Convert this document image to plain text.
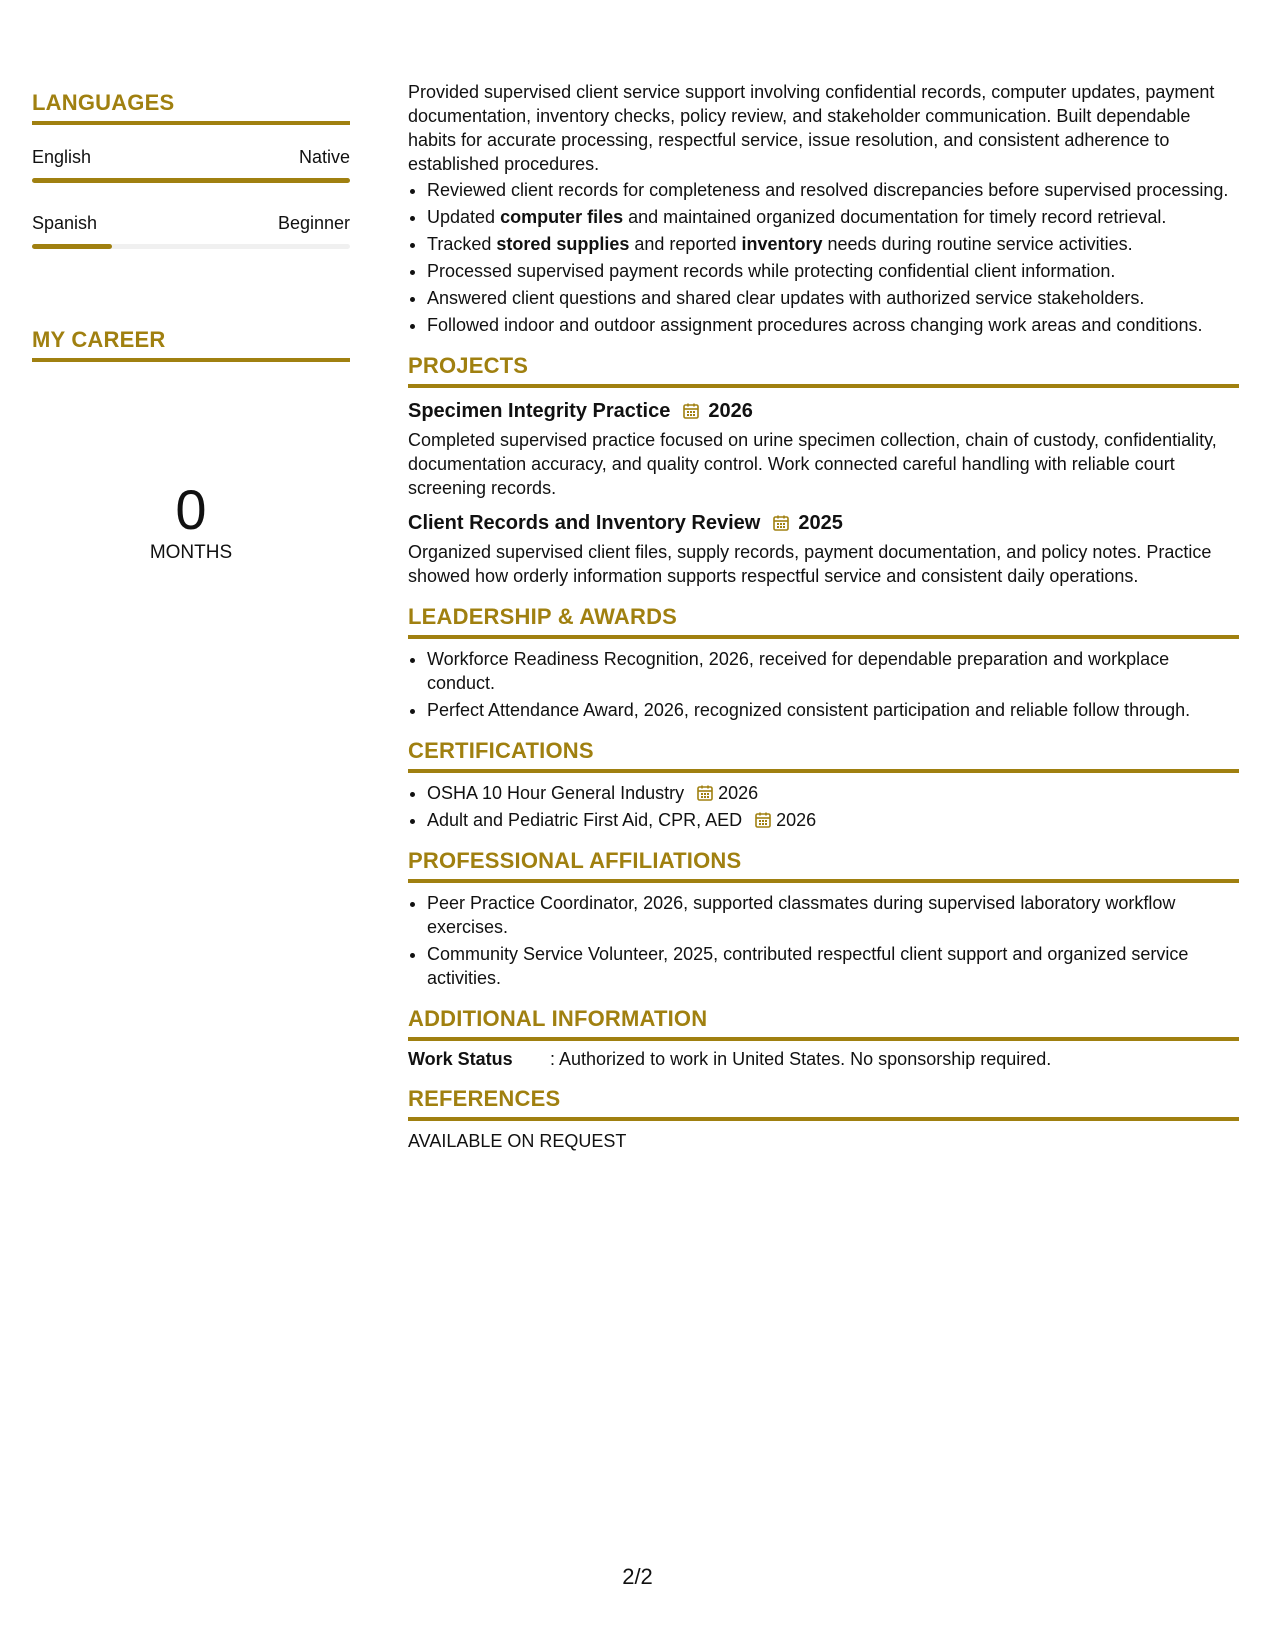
LANGUAGES
English	Native
Spanish	Beginner
MY CAREER
0
MONTHS

Provided supervised client service support involving confidential records, computer updates, payment documentation, inventory checks, policy review, and stakeholder communication. Built dependable habits for accurate processing, respectful service, issue resolution, and consistent adherence to established procedures.

• Reviewed client records for completeness and resolved discrepancies before supervised processing.
• Updated computer files and maintained organized documentation for timely record retrieval.
• Tracked stored supplies and reported inventory needs during routine service activities.
• Processed supervised payment records while protecting confidential client information.
• Answered client questions and shared clear updates with authorized service stakeholders.
• Followed indoor and outdoor assignment procedures across changing work areas and conditions.
PROJECTS
Specimen Integrity Practice 2026

Completed supervised practice focused on urine specimen collection, chain of custody, confidentiality, documentation accuracy, and quality control. Work connected careful handling with reliable court screening records.

Client Records and Inventory Review 2025

Organized supervised client files, supply records, payment documentation, and policy notes. Practice showed how orderly information supports respectful service and consistent daily operations.

LEADERSHIP & AWARDS
• Workforce Readiness Recognition, 2026, received for dependable preparation and workplace conduct.
• Perfect Attendance Award, 2026, recognized consistent participation and reliable follow through.
CERTIFICATIONS
• OSHA 10 Hour General Industry 2026
• Adult and Pediatric First Aid, CPR, AED 2026
PROFESSIONAL AFFILIATIONS
• Peer Practice Coordinator, 2026, supported classmates during supervised laboratory workflow exercises.
• Community Service Volunteer, 2025, contributed respectful client support and organized service activities.
ADDITIONAL INFORMATION
Work Status	: Authorized to work in United States. No sponsorship required.
REFERENCES
AVAILABLE ON REQUEST
2/2
